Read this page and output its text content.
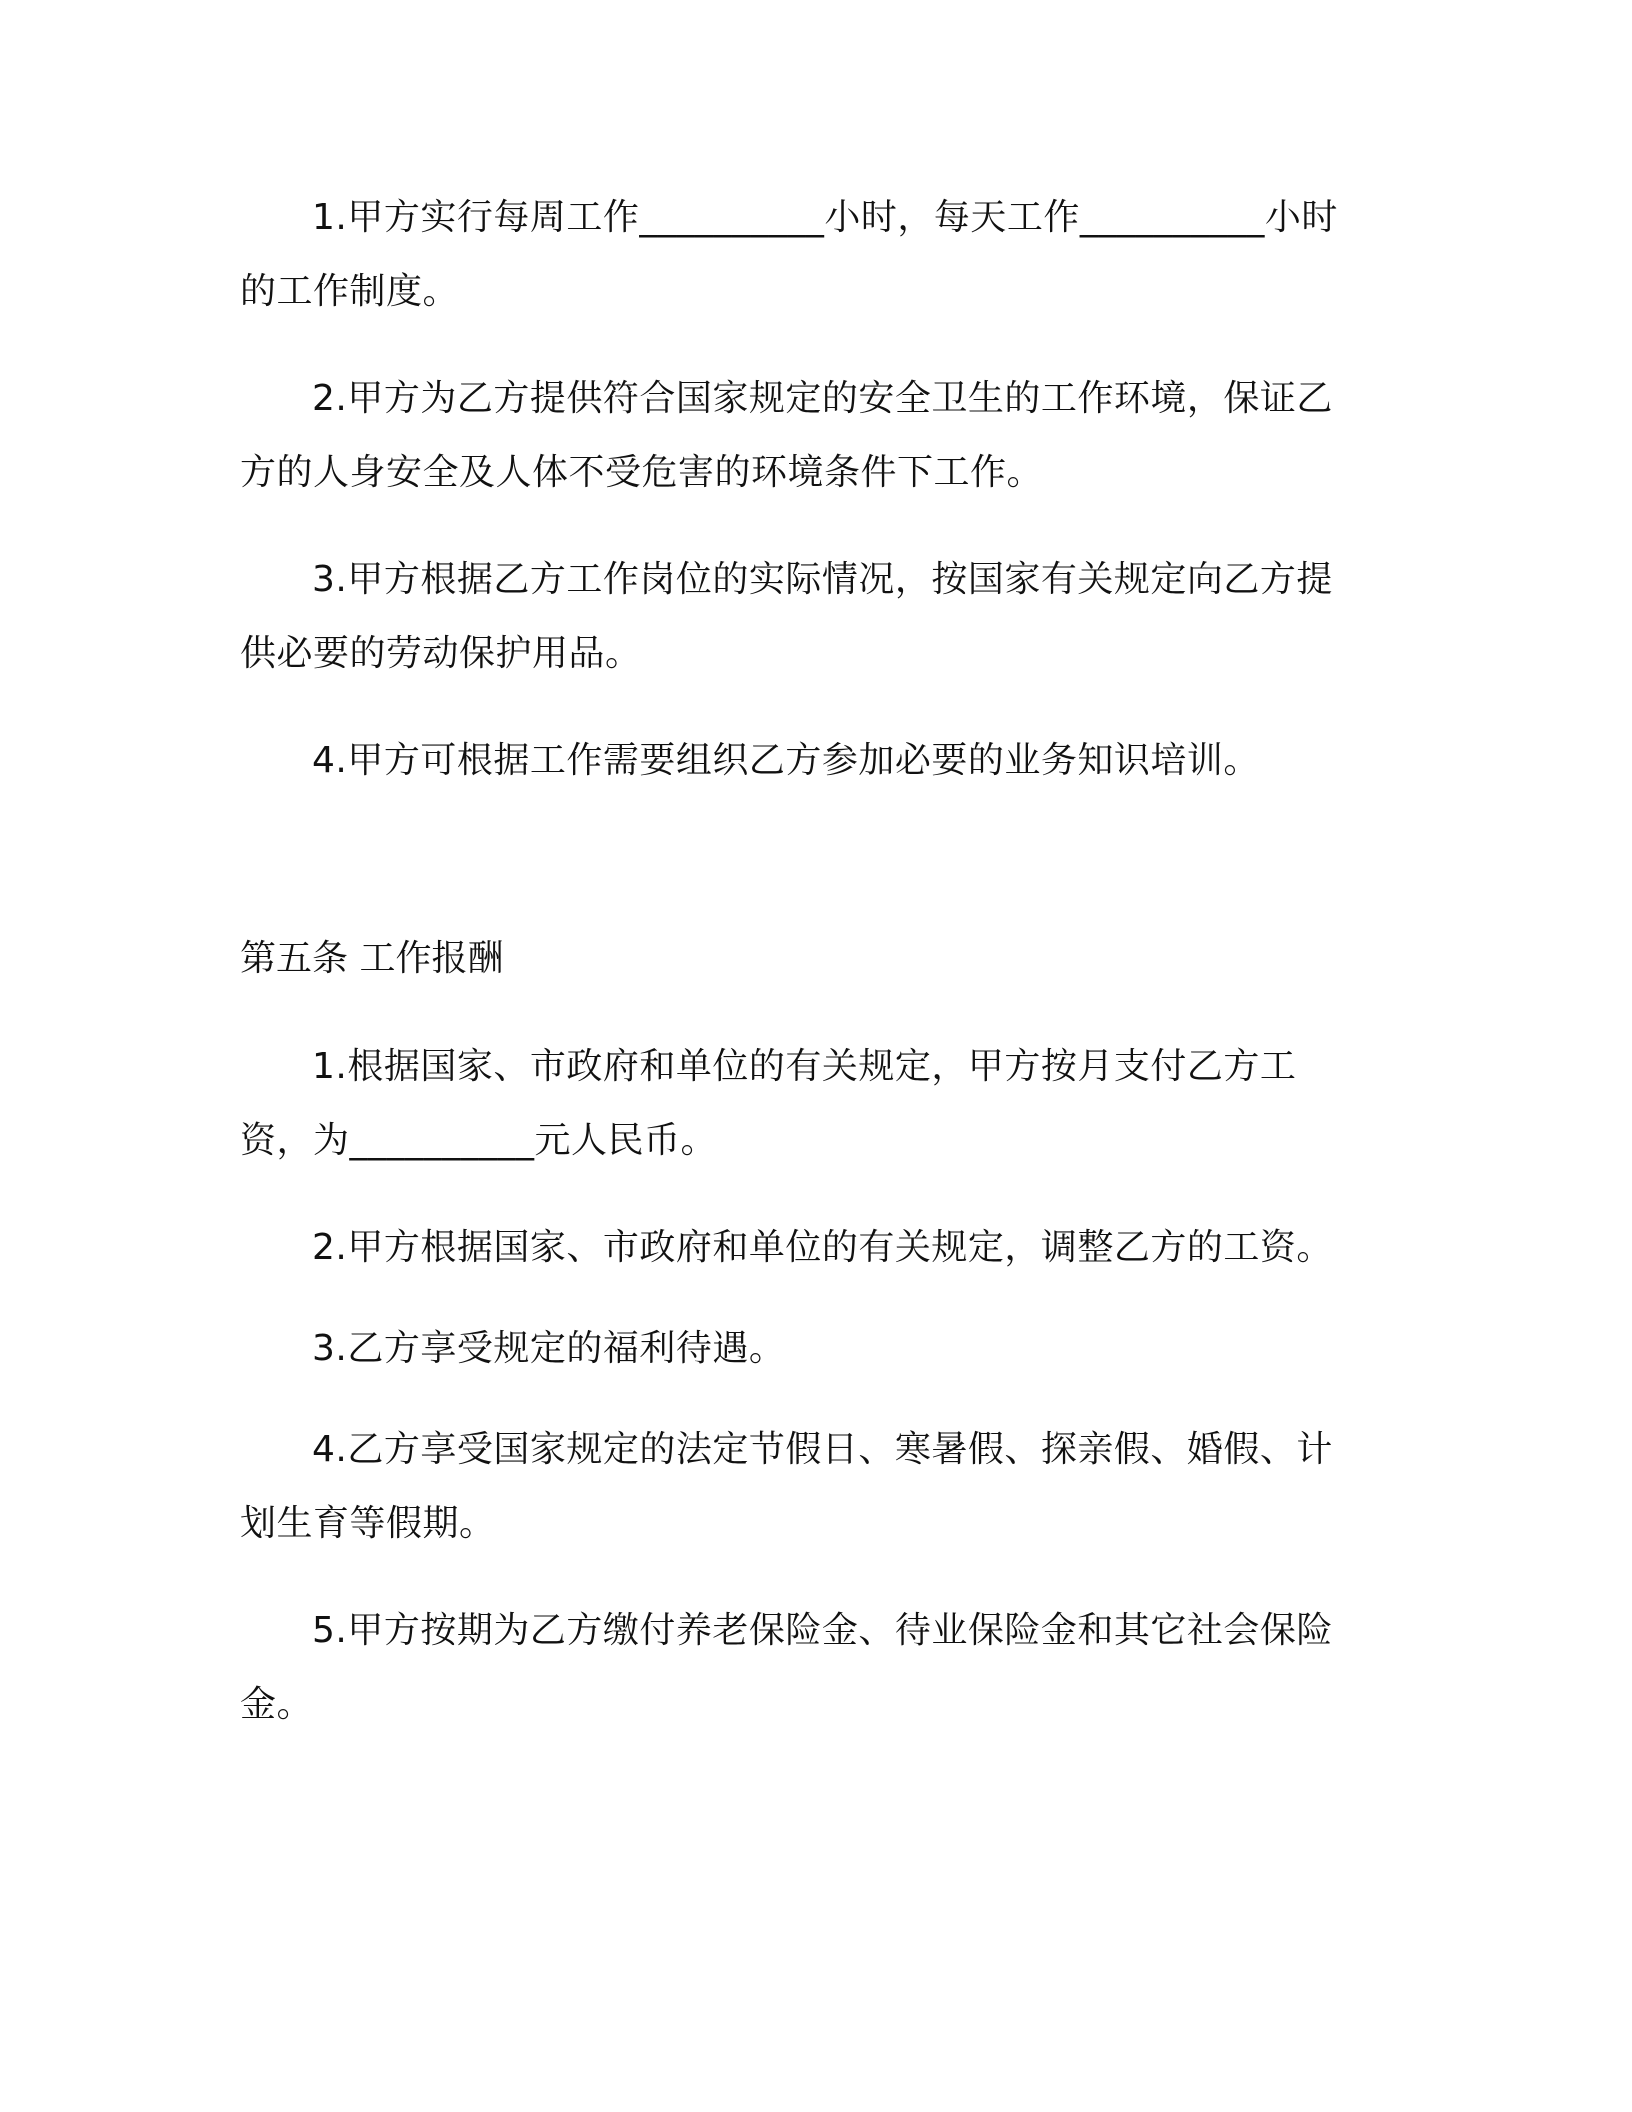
1.甲方实行每周工作__________小时，每天工作__________小时的工作制度。

2.甲方为乙方提供符合国家规定的安全卫生的工作环境，保证乙方的人身安全及人体不受危害的环境条件下工作。

3.甲方根据乙方工作岗位的实际情况，按国家有关规定向乙方提供必要的劳动保护用品。

4.甲方可根据工作需要组织乙方参加必要的业务知识培训。

第五条 工作报酬

1.根据国家、市政府和单位的有关规定，甲方按月支付乙方工资，为__________元人民币。

2.甲方根据国家、市政府和单位的有关规定，调整乙方的工资。

3.乙方享受规定的福利待遇。

4.乙方享受国家规定的法定节假日、寒暑假、探亲假、婚假、计划生育等假期。

5.甲方按期为乙方缴付养老保险金、待业保险金和其它社会保险金。
